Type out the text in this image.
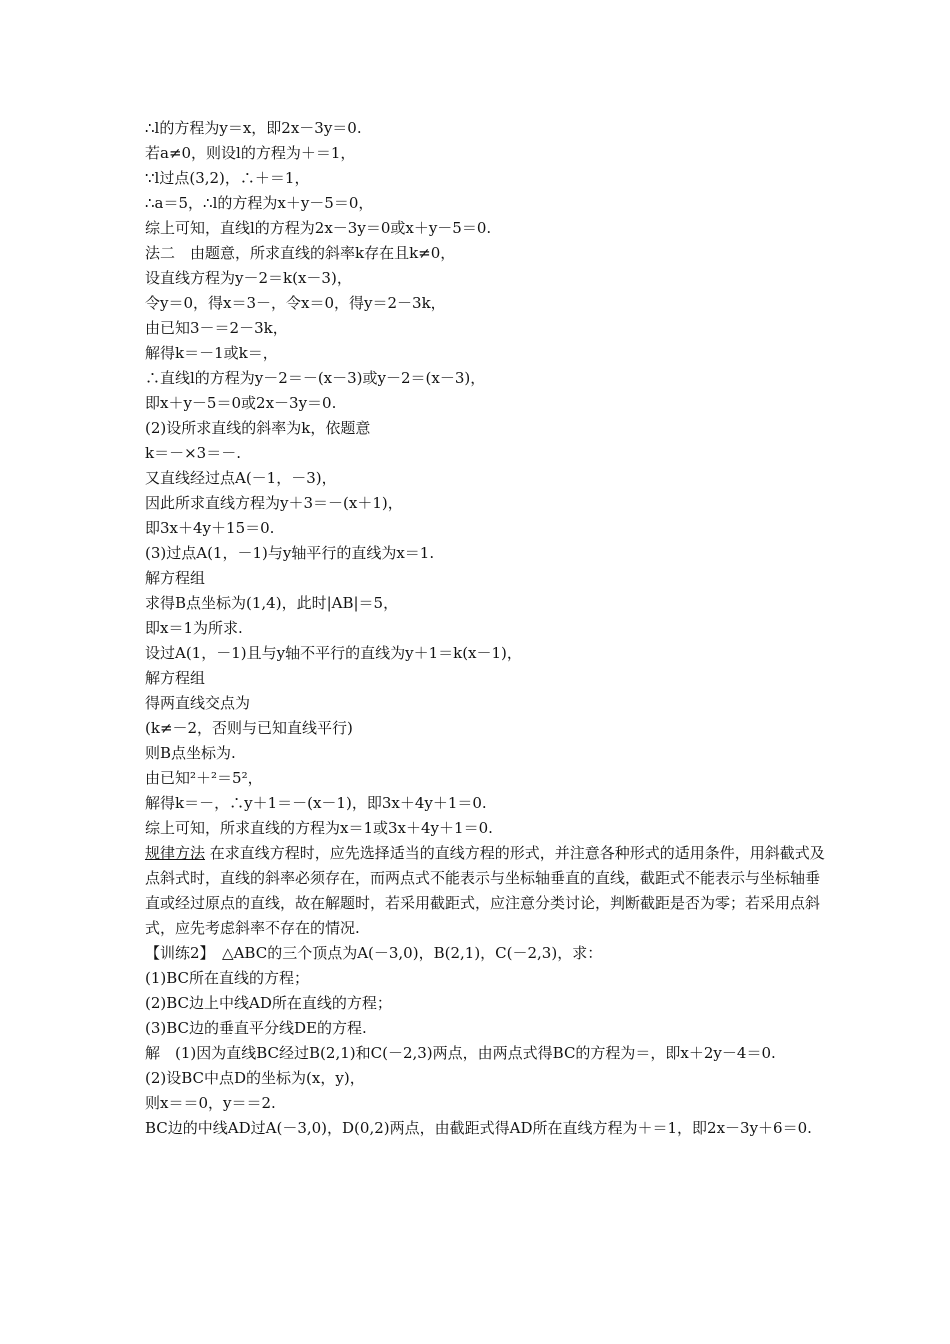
∴l的方程为y＝x，即2x－3y＝0.
若a≠0，则设l的方程为＋＝1，
∵l过点(3,2)，∴＋＝1，
∴a＝5，∴l的方程为x＋y－5＝0，
综上可知，直线l的方程为2x－3y＝0或x＋y－5＝0.
法二　由题意，所求直线的斜率k存在且k≠0，
设直线方程为y－2＝k(x－3)，
令y＝0，得x＝3－，令x＝0，得y＝2－3k，
由已知3－＝2－3k，
解得k＝－1或k＝，
∴直线l的方程为y－2＝－(x－3)或y－2＝(x－3)，
即x＋y－5＝0或2x－3y＝0.
(2)设所求直线的斜率为k，依题意
k＝－×3＝－.
又直线经过点A(－1，－3)，
因此所求直线方程为y＋3＝－(x＋1)，
即3x＋4y＋15＝0.
(3)过点A(1，－1)与y轴平行的直线为x＝1.
解方程组
求得B点坐标为(1,4)，此时|AB|＝5，
即x＝1为所求.
设过A(1，－1)且与y轴不平行的直线为y＋1＝k(x－1)，
解方程组
得两直线交点为
(k≠－2，否则与已知直线平行)
则B点坐标为.
由已知²＋²＝5²，
解得k＝－，∴y＋1＝－(x－1)，即3x＋4y＋1＝0.
综上可知，所求直线的方程为x＝1或3x＋4y＋1＝0.
规律方法 在求直线方程时，应先选择适当的直线方程的形式，并注意各种形式的适用条件，用斜截式及点斜式时，直线的斜率必须存在，而两点式不能表示与坐标轴垂直的直线，截距式不能表示与坐标轴垂直或经过原点的直线，故在解题时，若采用截距式，应注意分类讨论，判断截距是否为零；若采用点斜式，应先考虑斜率不存在的情况.
【训练2】　△ABC的三个顶点为A(－3,0)，B(2,1)，C(－2,3)，求：
(1)BC所在直线的方程；
(2)BC边上中线AD所在直线的方程；
(3)BC边的垂直平分线DE的方程.
解　(1)因为直线BC经过B(2,1)和C(－2,3)两点，由两点式得BC的方程为＝，即x＋2y－4＝0.
(2)设BC中点D的坐标为(x，y)，
则x＝＝0，y＝＝2.
BC边的中线AD过A(－3,0)，D(0,2)两点，由截距式得AD所在直线方程为＋＝1，即2x－3y＋6＝0.
